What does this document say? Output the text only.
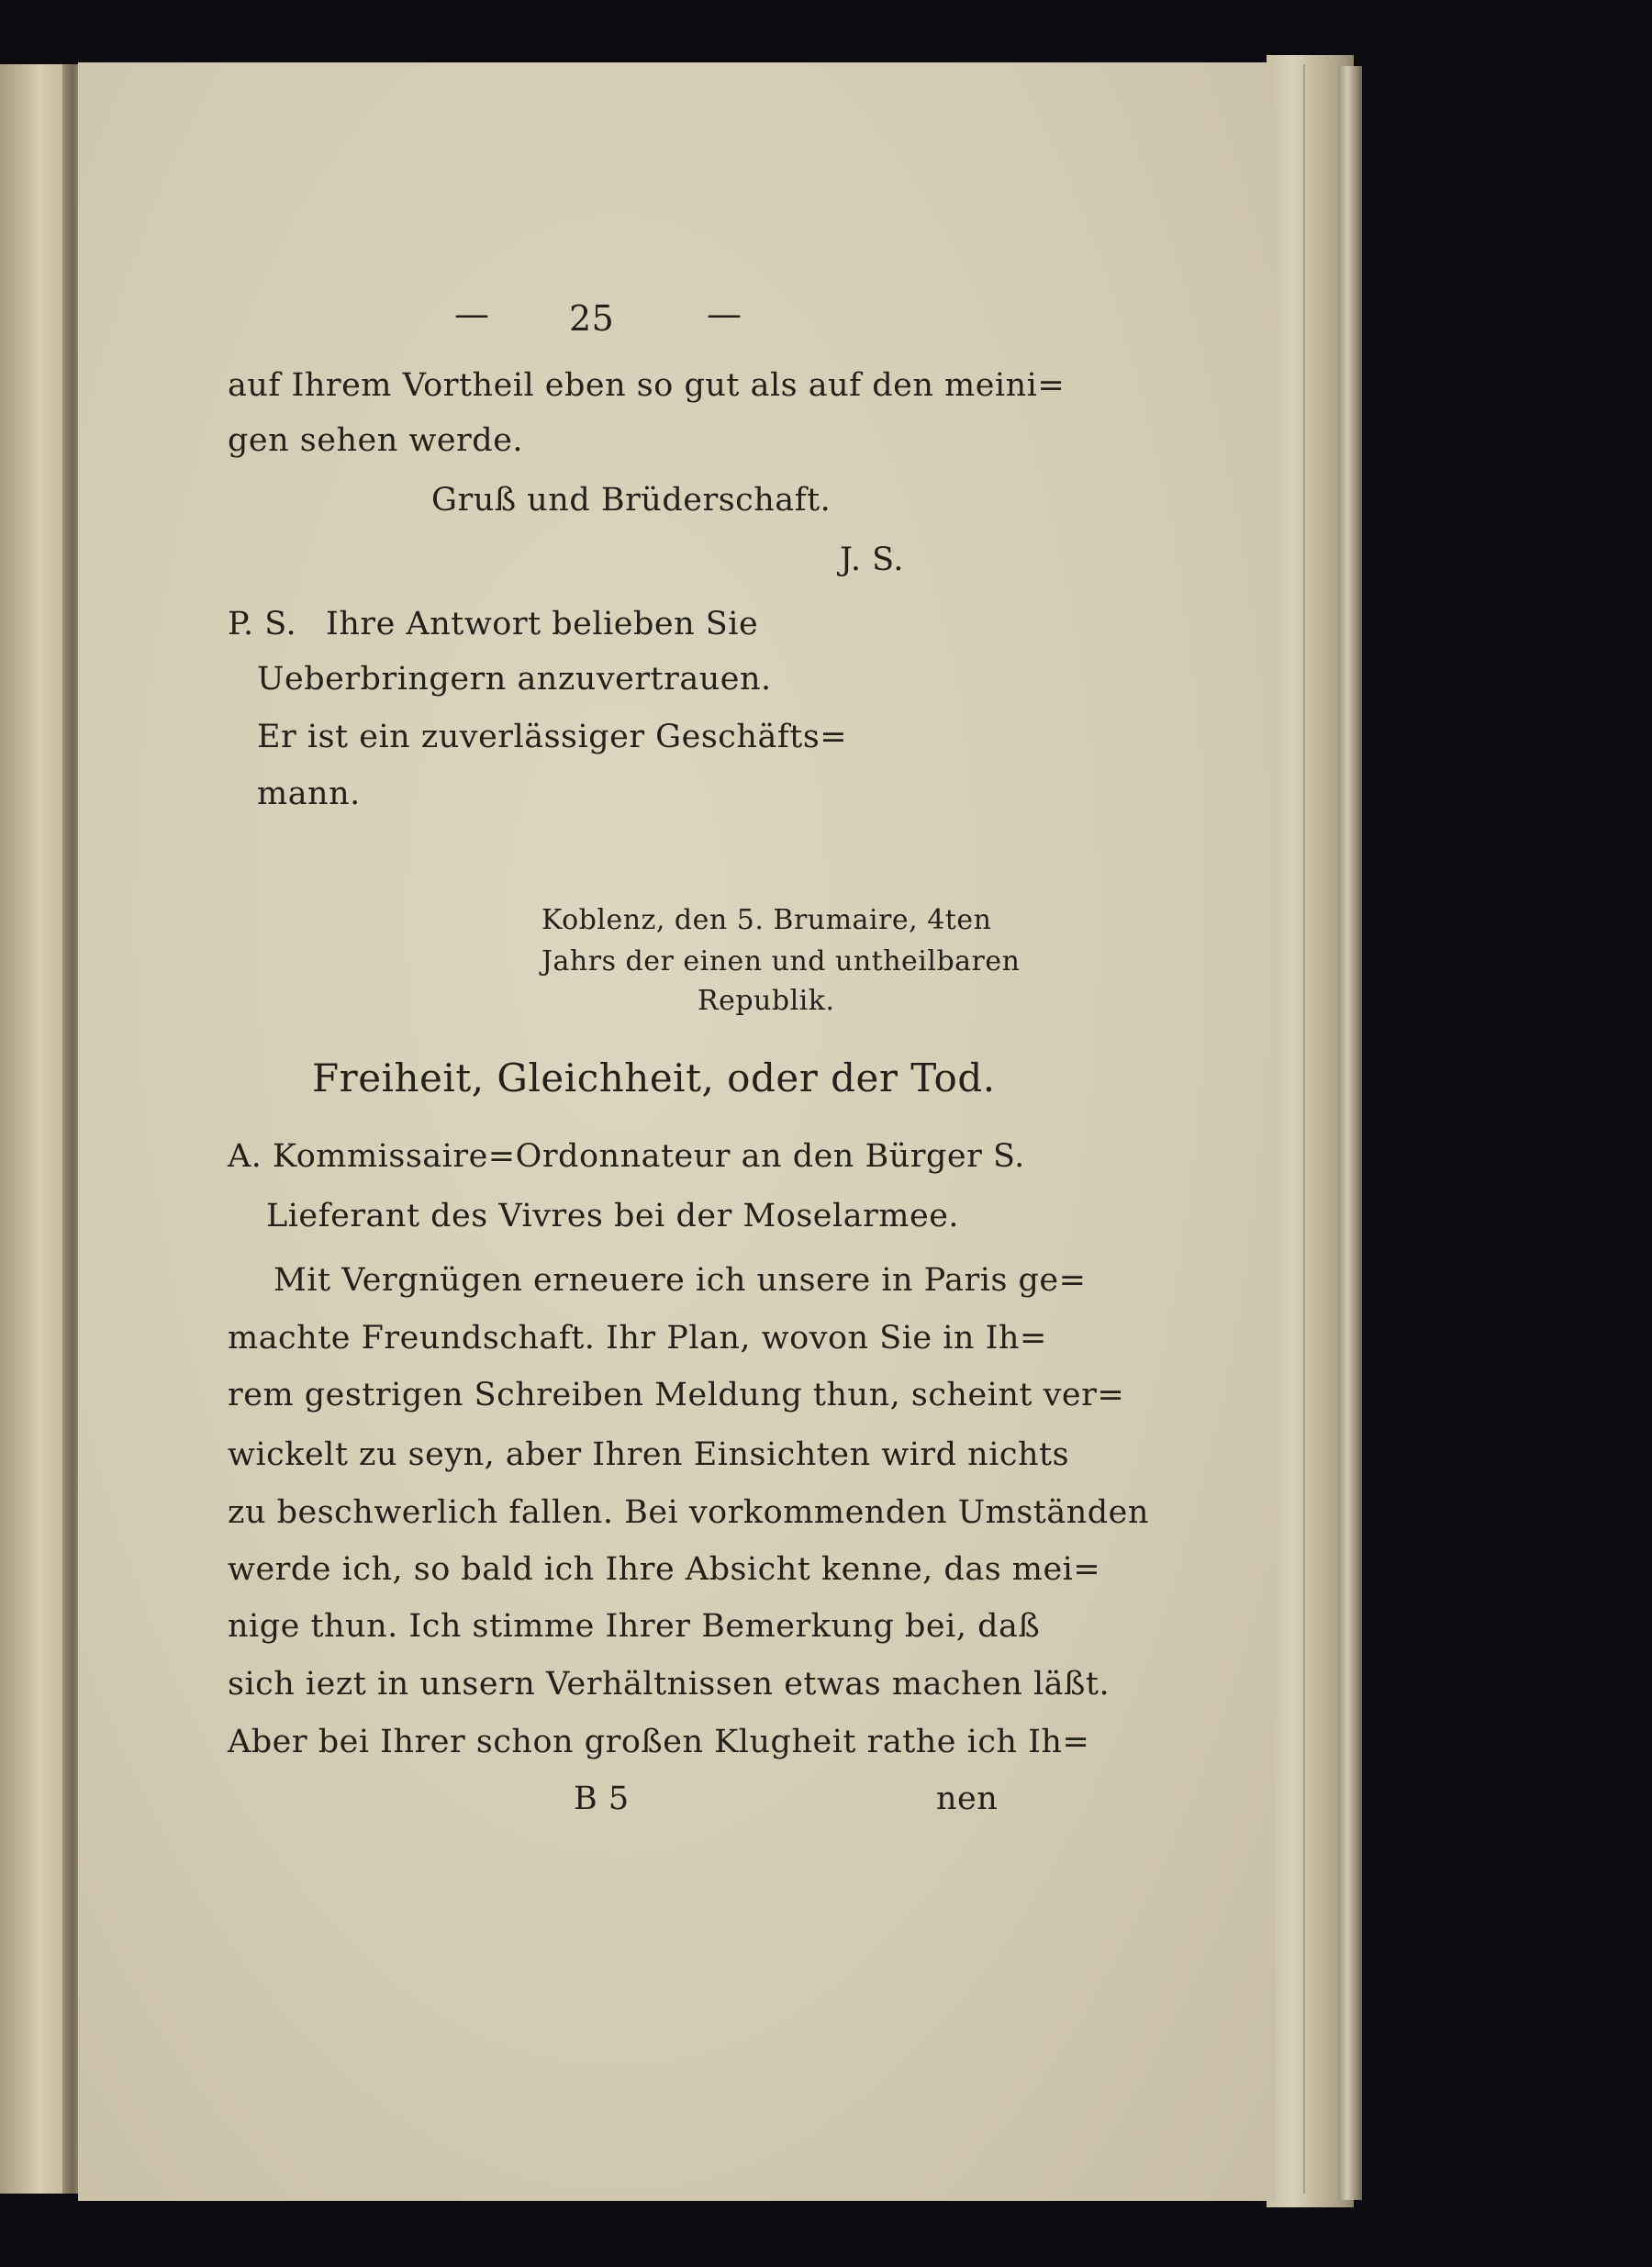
— 25	—
auf Ihrem Vortheil eben so gut als auf den meini=
gen sehen werde.
Gruß und Brüderschaft.
J. S.
P. S. Ihre Antwort belieben Sie
Ueberbringern anzuvertrauen.
Er ist ein zuverlässiger Geschäfts=
mann.
Koblenz, den 5. Brumaire, 4ten
Jahrs der einen und untheilbaren
Republik.
Freiheit, Gleichheit, oder der Tod.
A. Kommissaire=Ordonnateur an den Bürger S.
Lieferant des Vivres bei der Moselarmee.
Mit Vergnügen erneuere ich unsere in Paris ge=
machte Freundschaft. Ihr Plan, wovon Sie in Ih=
rem gestrigen Schreiben Meldung thun, scheint ver=
wickelt zu seyn, aber Ihren Einsichten wird nichts
zu beschwerlich fallen. Bei vorkommenden Umständen
werde ich, so bald ich Ihre Absicht kenne, das mei=
nige thun. Ich stimme Ihrer Bemerkung bei, daß
sich iezt in unsern Verhältnissen etwas machen läßt.
Aber bei Ihrer schon großen Klugheit rathe ich Ih=
B 5	nen
